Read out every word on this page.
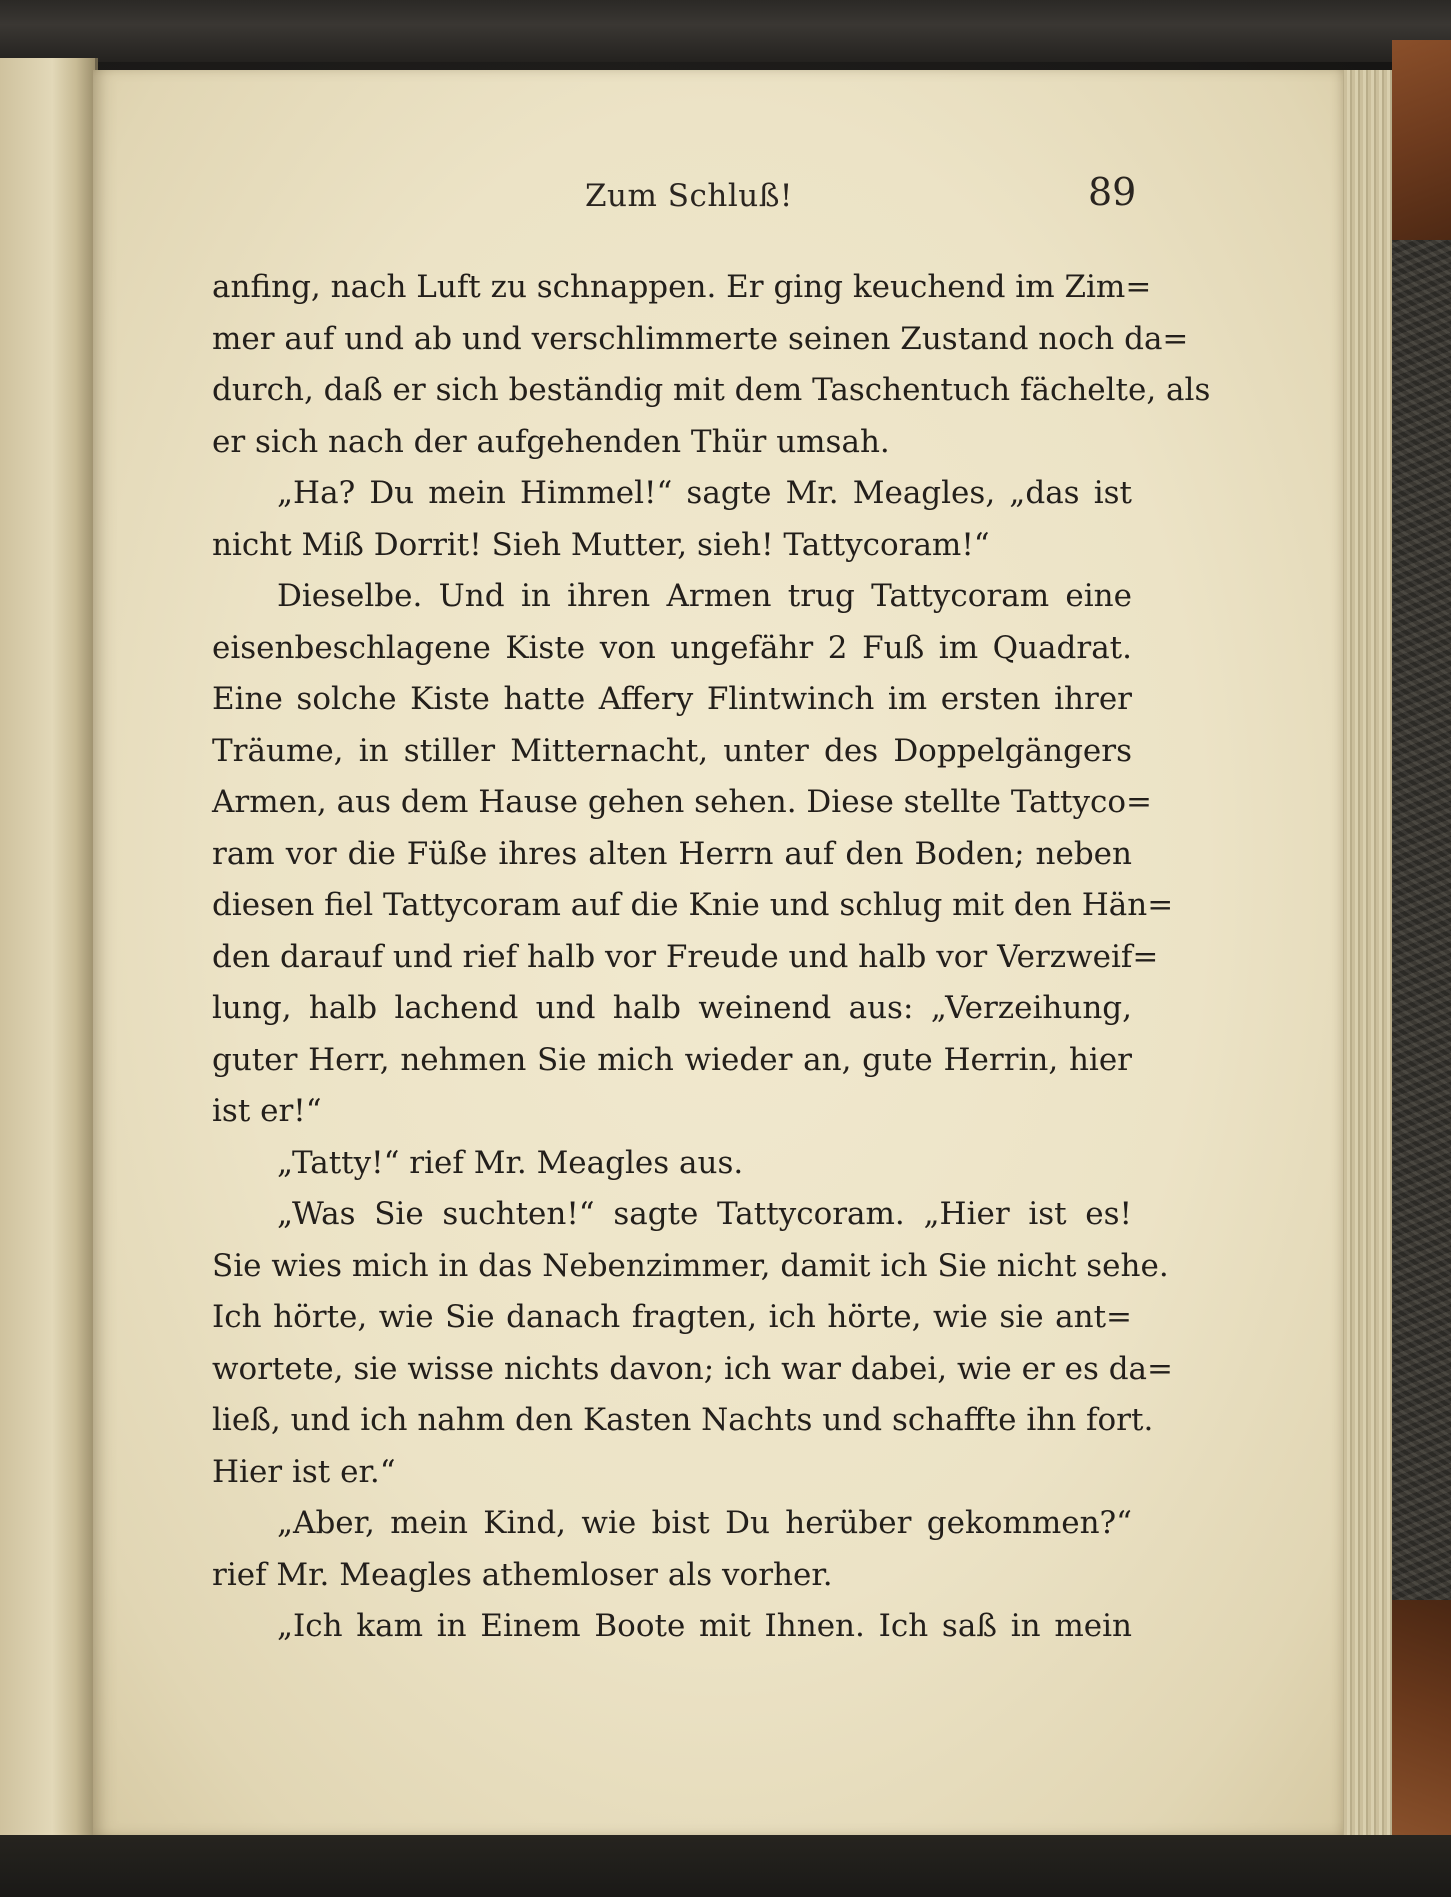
Zum Schluß!	89
anfing, nach Luft zu schnappen. Er ging keuchend im Zim=
mer auf und ab und verschlimmerte seinen Zustand noch da=
durch, daß er sich beständig mit dem Taschentuch fächelte, als
er sich nach der aufgehenden Thür umsah.
„Ha? Du mein Himmel!“ sagte Mr. Meagles, „das ist
nicht Miß Dorrit! Sieh Mutter, sieh! Tattycoram!“
Dieselbe. Und in ihren Armen trug Tattycoram eine
eisenbeschlagene Kiste von ungefähr 2 Fuß im Quadrat.
Eine solche Kiste hatte Affery Flintwinch im ersten ihrer
Träume, in stiller Mitternacht, unter des Doppelgängers
Armen, aus dem Hause gehen sehen. Diese stellte Tattyco=
ram vor die Füße ihres alten Herrn auf den Boden; neben
diesen fiel Tattycoram auf die Knie und schlug mit den Hän=
den darauf und rief halb vor Freude und halb vor Verzweif=
lung, halb lachend und halb weinend aus: „Verzeihung,
guter Herr, nehmen Sie mich wieder an, gute Herrin, hier
ist er!“
„Tatty!“ rief Mr. Meagles aus.
„Was Sie suchten!“ sagte Tattycoram. „Hier ist es!
Sie wies mich in das Nebenzimmer, damit ich Sie nicht sehe.
Ich hörte, wie Sie danach fragten, ich hörte, wie sie ant=
wortete, sie wisse nichts davon; ich war dabei, wie er es da=
ließ, und ich nahm den Kasten Nachts und schaffte ihn fort.
Hier ist er.“
„Aber, mein Kind, wie bist Du herüber gekommen?“
rief Mr. Meagles athemloser als vorher.
„Ich kam in Einem Boote mit Ihnen. Ich saß in mein
